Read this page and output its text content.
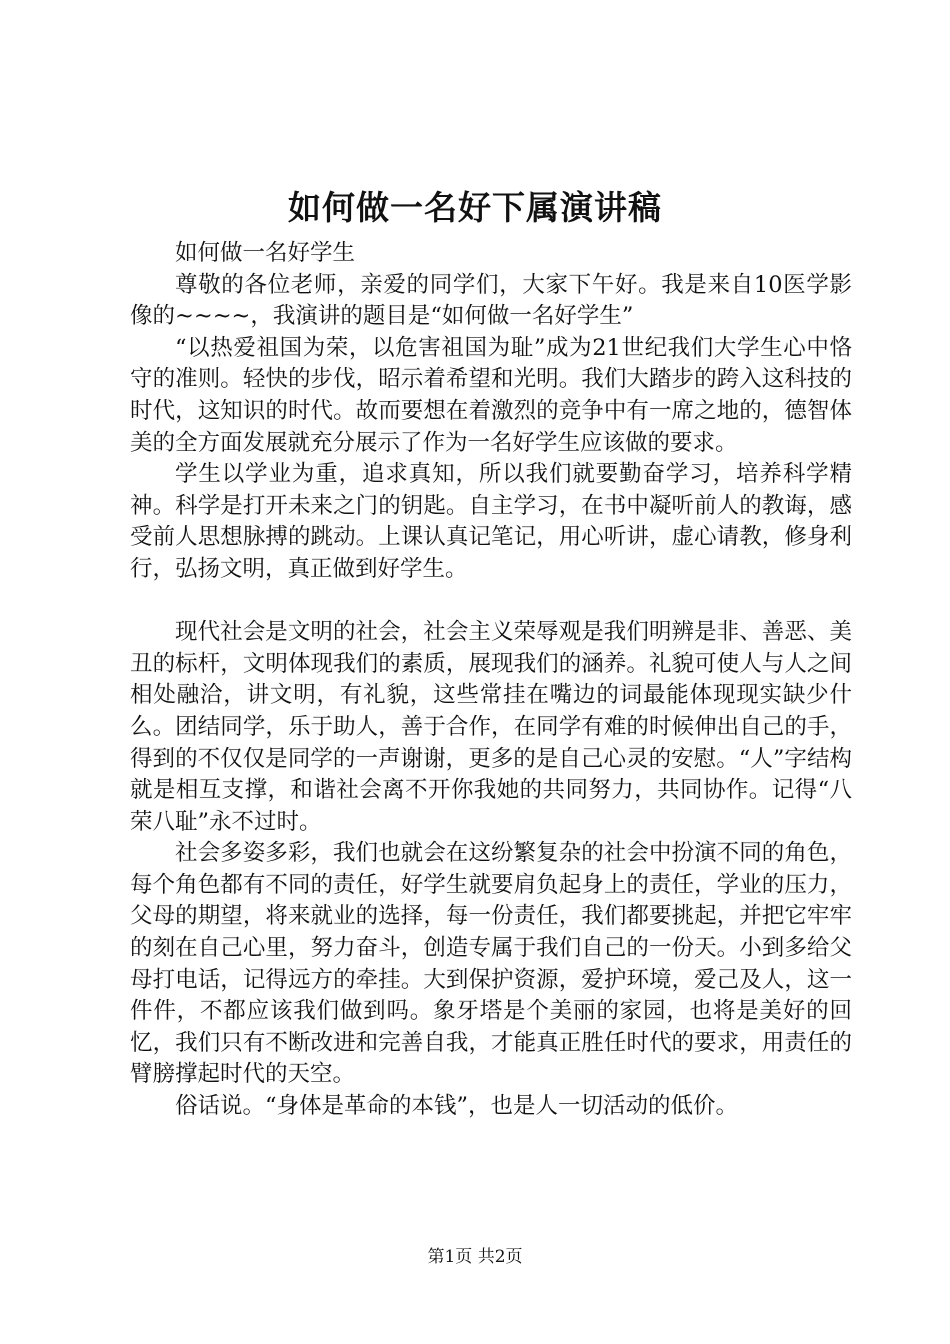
如何做一名好下属演讲稿

如何做一名好学生

尊敬的各位老师，亲爱的同学们，大家下午好。我是来自10医学影像的~~~~，我演讲的题目是“如何做一名好学生”

“以热爱祖国为荣，以危害祖国为耻”成为21世纪我们大学生心中恪守的准则。轻快的步伐，昭示着希望和光明。我们大踏步的跨入这科技的时代，这知识的时代。故而要想在着激烈的竞争中有一席之地的，德智体美的全方面发展就充分展示了作为一名好学生应该做的要求。

学生以学业为重，追求真知，所以我们就要勤奋学习，培养科学精神。科学是打开未来之门的钥匙。自主学习，在书中凝听前人的教诲，感受前人思想脉搏的跳动。上课认真记笔记，用心听讲，虚心请教，修身利行，弘扬文明，真正做到好学生。

现代社会是文明的社会，社会主义荣辱观是我们明辨是非、善恶、美丑的标杆，文明体现我们的素质，展现我们的涵养。礼貌可使人与人之间相处融洽，讲文明，有礼貌，这些常挂在嘴边的词最能体现现实缺少什么。团结同学，乐于助人，善于合作，在同学有难的时候伸出自己的手，得到的不仅仅是同学的一声谢谢，更多的是自己心灵的安慰。“人”字结构就是相互支撑，和谐社会离不开你我她的共同努力，共同协作。记得“八荣八耻”永不过时。

社会多姿多彩，我们也就会在这纷繁复杂的社会中扮演不同的角色，每个角色都有不同的责任，好学生就要肩负起身上的责任，学业的压力，父母的期望，将来就业的选择，每一份责任，我们都要挑起，并把它牢牢的刻在自己心里，努力奋斗，创造专属于我们自己的一份天。小到多给父母打电话，记得远方的牵挂。大到保护资源，爱护环境，爱己及人，这一件件，不都应该我们做到吗。象牙塔是个美丽的家园，也将是美好的回忆，我们只有不断改进和完善自我，才能真正胜任时代的要求，用责任的臂膀撑起时代的天空。

俗话说。“身体是革命的本钱”，也是人一切活动的低价。

第1页 共2页
